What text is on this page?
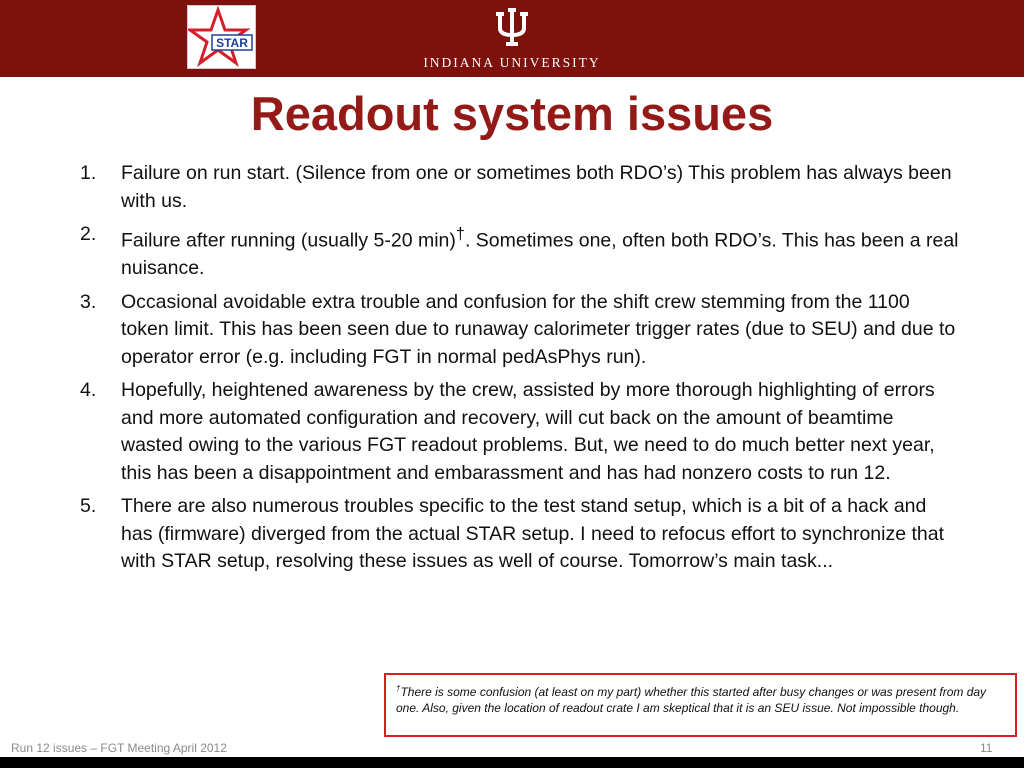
STAR
INDIANA UNIVERSITY
Readout system issues
1. Failure on run start. (Silence from one or sometimes both RDO’s) This problem has always been with us.
2. Failure after running (usually 5-20 min)†. Sometimes one, often both RDO’s. This has been a real nuisance.
3. Occasional avoidable extra trouble and confusion for the shift crew stemming from the 1100 token limit. This has been seen due to runaway calorimeter trigger rates (due to SEU) and due to operator error (e.g. including FGT in normal pedAsPhys run).
4. Hopefully, heightened awareness by the crew, assisted by more thorough highlighting of errors and more automated configuration and recovery, will cut back on the amount of beamtime wasted owing to the various FGT readout problems. But, we need to do much better next year, this has been a disappointment and embarassment and has had nonzero costs to run 12.
5. There are also numerous troubles specific to the test stand setup, which is a bit of a hack and has (firmware) diverged from the actual STAR setup. I need to refocus effort to synchronize that with STAR setup, resolving these issues as well of course. Tomorrow’s main task...
†There is some confusion (at least on my part) whether this started after busy changes or was present from day one. Also, given the location of readout crate I am skeptical that it is an SEU issue. Not impossible though.
Run 12 issues – FGT Meeting April 2012	11
